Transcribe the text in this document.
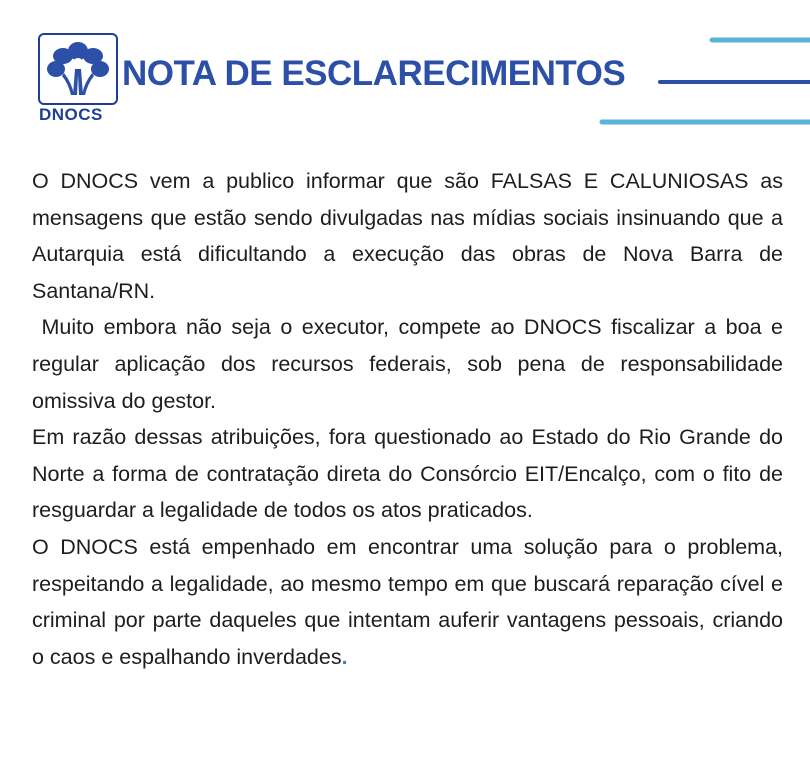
DNOCS
NOTA DE ESCLARECIMENTOS

O DNOCS vem a publico informar que são FALSAS E CALUNIOSAS as mensagens que estão sendo divulgadas nas mídias sociais insinuando que a Autarquia está dificultando a execução das obras de Nova Barra de Santana/RN.

Muito embora não seja o executor, compete ao DNOCS fiscalizar a boa e regular aplicação dos recursos federais, sob pena de responsabilidade omissiva do gestor.

Em razão dessas atribuições, fora questionado ao Estado do Rio Grande do Norte a forma de contratação direta do Consórcio EIT/Encalço, com o fito de resguardar a legalidade de todos os atos praticados.

O DNOCS está empenhado em encontrar uma solução para o problema, respeitando a legalidade, ao mesmo tempo em que buscará reparação cível e criminal por parte daqueles que intentam auferir vantagens pessoais, criando o caos e espalhando inverdades.
